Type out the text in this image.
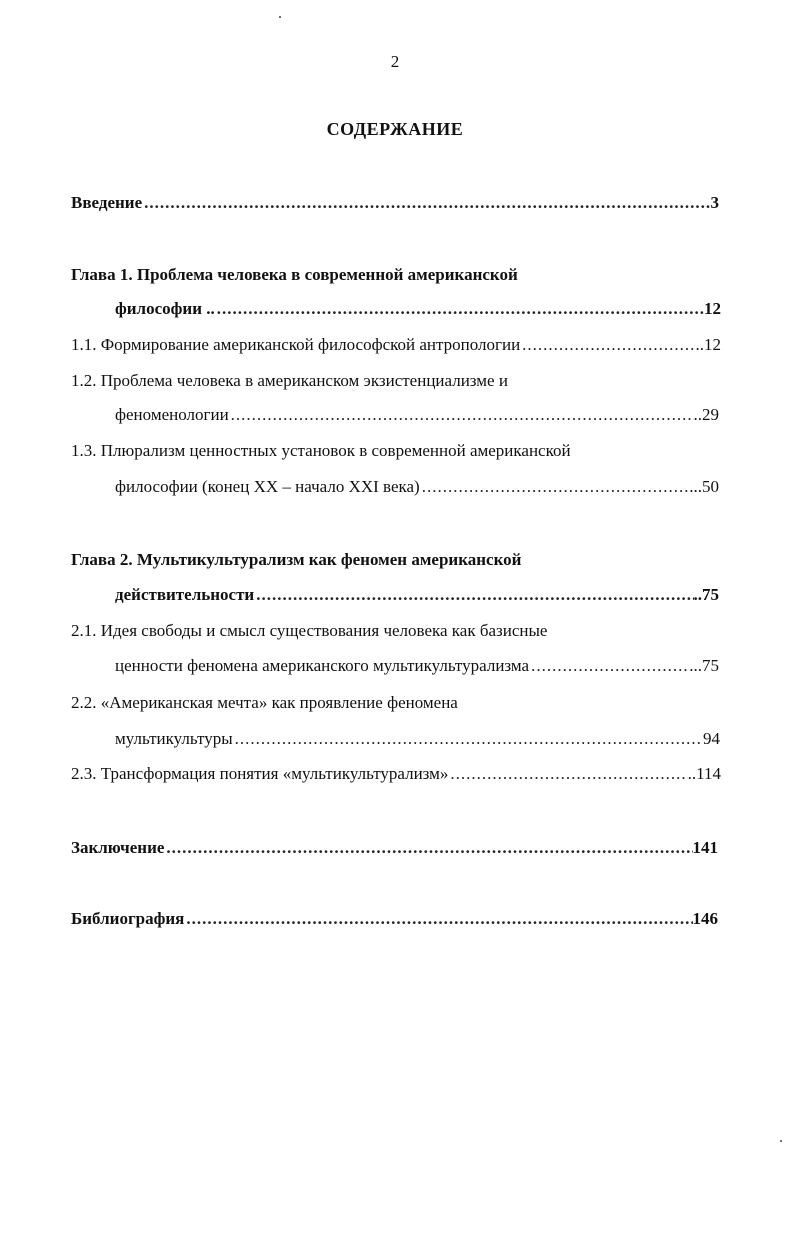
2
СОДЕРЖАНИЕ
Введение .....	3
Глава 1. Проблема человека в современной американской
философии .. .....	12
1.1. Формирование американской философской антропологии .....	..12
1.2. Проблема человека в американском экзистенциализме и
феноменологии .....	..29
1.3. Плюрализм ценностных установок в современной американской
философии (конец ХХ – начало XXI века) .....	...50
Глава 2. Мультикультурализм как феномен американской
действительности .....	..75
2.1. Идея свободы и смысл существования человека как базисные
ценности феномена американского мультикультурализма .....	...75
2.2. «Американская мечта» как проявление феномена
мультикультуры .....	94
2.3. Трансформация понятия «мультикультурализм» .....	..114
Заключение .....	141
Библиография .....	146
